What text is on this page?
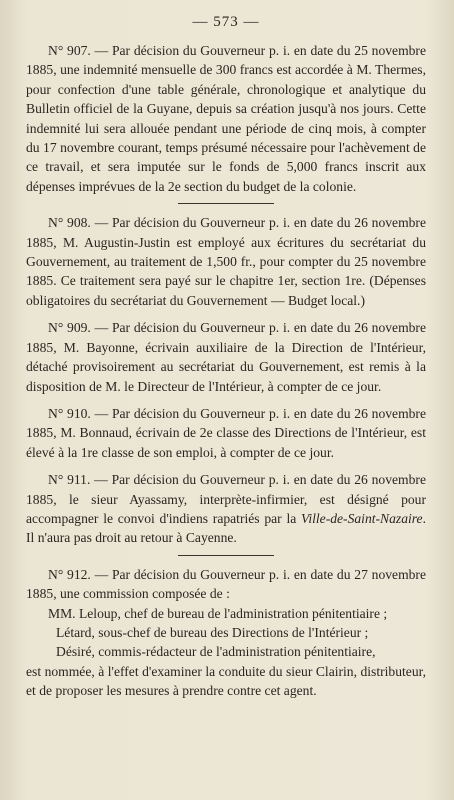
— 573 —

N° 907. — Par décision du Gouverneur p. i. en date du 25 novembre 1885, une indemnité mensuelle de 300 francs est accordée à M. Thermes, pour confection d'une table générale, chronologique et analytique du Bulletin officiel de la Guyane, depuis sa création jusqu'à nos jours. Cette indemnité lui sera allouée pendant une période de cinq mois, à compter du 17 novembre courant, temps présumé nécessaire pour l'achèvement de ce travail, et sera imputée sur le fonds de 5,000 francs inscrit aux dépenses imprévues de la 2e section du budget de la colonie.

N° 908. — Par décision du Gouverneur p. i. en date du 26 novembre 1885, M. Augustin-Justin est employé aux écritures du secrétariat du Gouvernement, au traitement de 1,500 fr., pour compter du 25 novembre 1885. Ce traitement sera payé sur le chapitre 1er, section 1re. (Dépenses obligatoires du secrétariat du Gouvernement — Budget local.)

N° 909. — Par décision du Gouverneur p. i. en date du 26 novembre 1885, M. Bayonne, écrivain auxiliaire de la Direction de l'Intérieur, détaché provisoirement au secrétariat du Gouvernement, est remis à la disposition de M. le Directeur de l'Intérieur, à compter de ce jour.

N° 910. — Par décision du Gouverneur p. i. en date du 26 novembre 1885, M. Bonnaud, écrivain de 2e classe des Directions de l'Intérieur, est élevé à la 1re classe de son emploi, à compter de ce jour.

N° 911. — Par décision du Gouverneur p. i. en date du 26 novembre 1885, le sieur Ayassamy, interprète-infirmier, est désigné pour accompagner le convoi d'indiens rapatriés par la Ville-de-Saint-Nazaire. Il n'aura pas droit au retour à Cayenne.

N° 912. — Par décision du Gouverneur p. i. en date du 27 novembre 1885, une commission composée de :

MM. Leloup, chef de bureau de l'administration pénitentiaire ;

Létard, sous-chef de bureau des Directions de l'Intérieur ;

Désiré, commis-rédacteur de l'administration pénitentiaire,

est nommée, à l'effet d'examiner la conduite du sieur Clairin, distributeur, et de proposer les mesures à prendre contre cet agent.
